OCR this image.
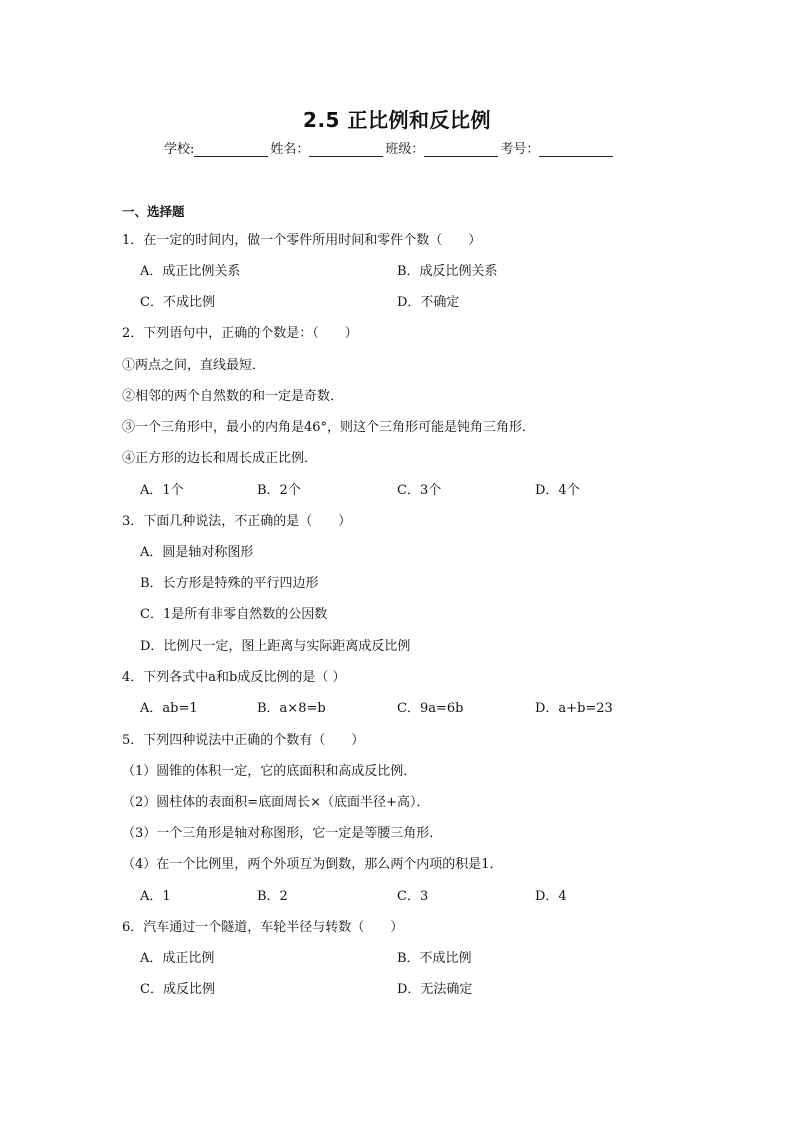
2.5 正比例和反比例
学校:	姓名：	班级：	考号：
一、选择题
1．在一定的时间内，做一个零件所用时间和零件个数（　　）
A．成正比例关系	B．成反比例关系
C．不成比例	D．不确定
2．下列语句中，正确的个数是：（　　）
①两点之间，直线最短．
②相邻的两个自然数的和一定是奇数．
③一个三角形中，最小的内角是46°，则这个三角形可能是钝角三角形．
④正方形的边长和周长成正比例．
A．1个	B．2个	C．3个	D．4个
3．下面几种说法，不正确的是（　　）
A．圆是轴对称图形
B．长方形是特殊的平行四边形
C．1是所有非零自然数的公因数
D．比例尺一定，图上距离与实际距离成反比例
4．下列各式中a和b成反比例的是（ ）
A．ab=1	B．a×8=b	C．9a=6b	D．a+b=23
5．下列四种说法中正确的个数有（　　）
（1）圆锥的体积一定，它的底面积和高成反比例．
（2）圆柱体的表面积=底面周长×（底面半径+高）．
（3）一个三角形是轴对称图形，它一定是等腰三角形．
（4）在一个比例里，两个外项互为倒数，那么两个内项的积是1．
A．1	B．2	C．3	D．4
6．汽车通过一个隧道，车轮半径与转数（　　）
A．成正比例	B．不成比例
C．成反比例	D．无法确定
